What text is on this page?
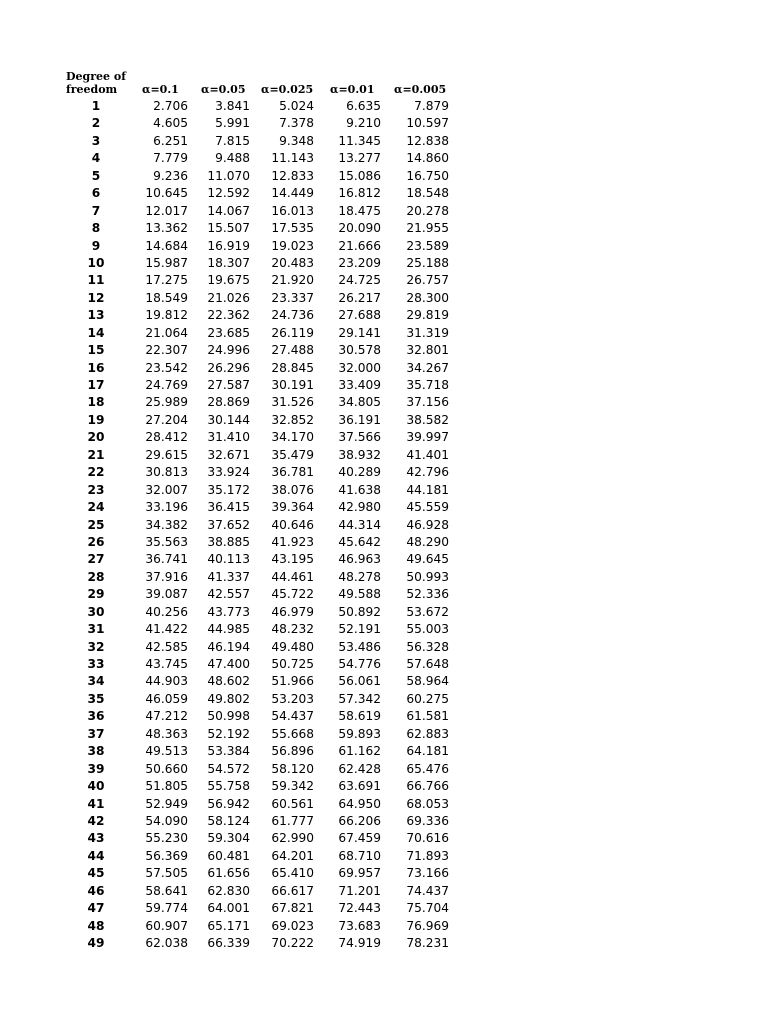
Degree of
freedom	α=0.1 α=0.05 α=0.025 α=0.01 α=0.005
1	2.706	3.841	5.024	6.635	7.879
2	4.605	5.991	7.378	9.210	10.597
3	6.251	7.815	9.348	11.345	12.838
4	7.779	9.488	11.143	13.277	14.860
5	9.236	11.070	12.833	15.086	16.750
6	10.645	12.592	14.449	16.812	18.548
7	12.017	14.067	16.013	18.475	20.278
8	13.362	15.507	17.535	20.090	21.955
9	14.684	16.919	19.023	21.666	23.589
10	15.987	18.307	20.483	23.209	25.188
11	17.275	19.675	21.920	24.725	26.757
12	18.549	21.026	23.337	26.217	28.300
13	19.812	22.362	24.736	27.688	29.819
14	21.064	23.685	26.119	29.141	31.319
15	22.307	24.996	27.488	30.578	32.801
16	23.542	26.296	28.845	32.000	34.267
17	24.769	27.587	30.191	33.409	35.718
18	25.989	28.869	31.526	34.805	37.156
19	27.204	30.144	32.852	36.191	38.582
20	28.412	31.410	34.170	37.566	39.997
21	29.615	32.671	35.479	38.932	41.401
22	30.813	33.924	36.781	40.289	42.796
23	32.007	35.172	38.076	41.638	44.181
24	33.196	36.415	39.364	42.980	45.559
25	34.382	37.652	40.646	44.314	46.928
26	35.563	38.885	41.923	45.642	48.290
27	36.741	40.113	43.195	46.963	49.645
28	37.916	41.337	44.461	48.278	50.993
29	39.087	42.557	45.722	49.588	52.336
30	40.256	43.773	46.979	50.892	53.672
31	41.422	44.985	48.232	52.191	55.003
32	42.585	46.194	49.480	53.486	56.328
33	43.745	47.400	50.725	54.776	57.648
34	44.903	48.602	51.966	56.061	58.964
35	46.059	49.802	53.203	57.342	60.275
36	47.212	50.998	54.437	58.619	61.581
37	48.363	52.192	55.668	59.893	62.883
38	49.513	53.384	56.896	61.162	64.181
39	50.660	54.572	58.120	62.428	65.476
40	51.805	55.758	59.342	63.691	66.766
41	52.949	56.942	60.561	64.950	68.053
42	54.090	58.124	61.777	66.206	69.336
43	55.230	59.304	62.990	67.459	70.616
44	56.369	60.481	64.201	68.710	71.893
45	57.505	61.656	65.410	69.957	73.166
46	58.641	62.830	66.617	71.201	74.437
47	59.774	64.001	67.821	72.443	75.704
48	60.907	65.171	69.023	73.683	76.969
49	62.038	66.339	70.222	74.919	78.231
